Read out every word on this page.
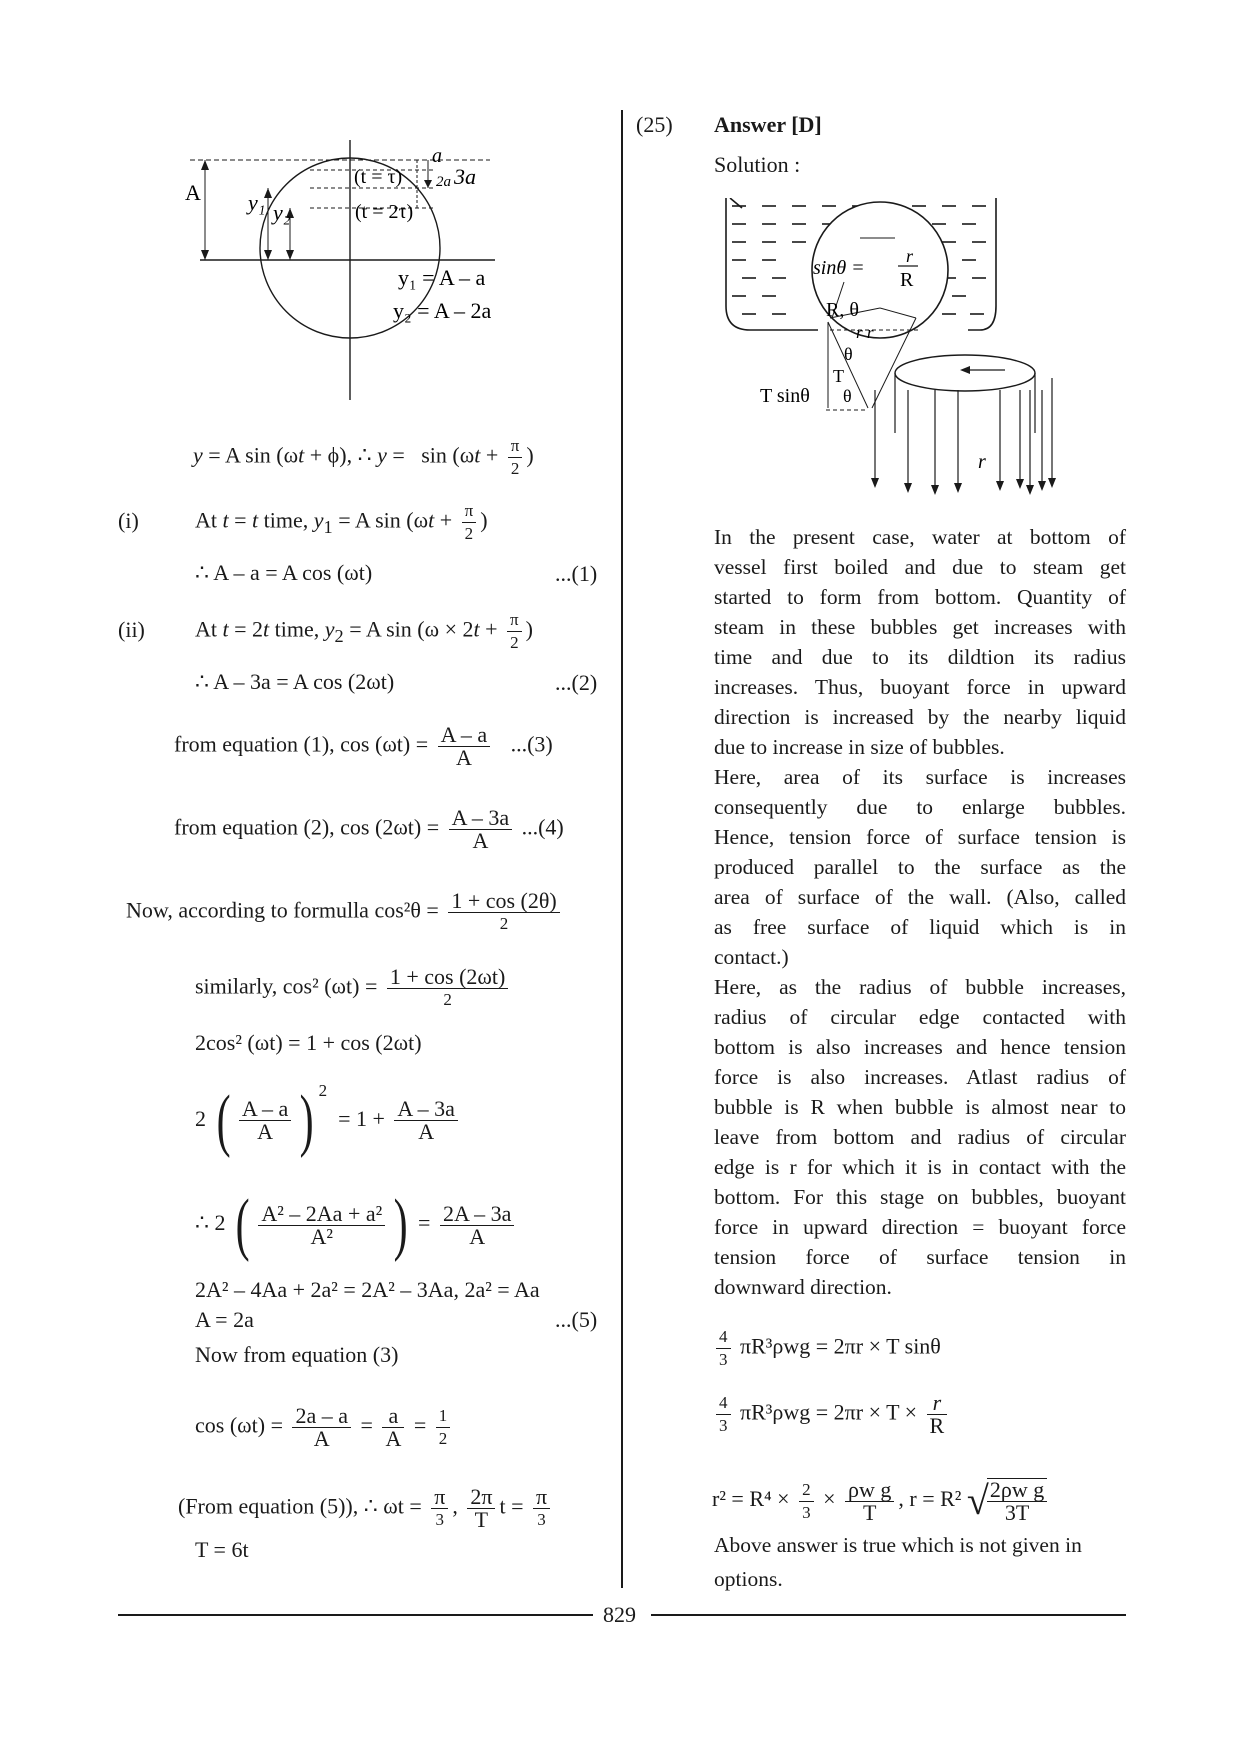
A y₁ y₂
a
3a
2a
(t = τ)
(t = 2τ)
y₁ = A – a
y₂ = A – 2a
y = A sin (ωt + ϕ), ∴ $y = \sin (\omega t + \frac{\pi}{2}$ )
(i)	At t = t time, $y_1 = A$ $\sin (\omega t + \frac{\pi}{2}$ )
∴ A – a = A cos (ωt)	...(1)
(ii) At t = 2t time, $y_2 = A$ $\sin (\omega \times 2t + \frac{\pi}{2}$ )
∴ A – 3a = A cos (2ωt)	...(2)
from equation (1), $\cos (\omega t) = \frac{A - a}{A} ...(3)$
from equation (2), $\cos (2\omega t) = \frac{A - 3a}{A} ...(4)$
Now, according to formulla $\cos^2\theta = \frac{1 + \cos (2\theta)}{2}$
similarly, cos² $(\omega t) = \frac{1 + \cos (2\omega t)}{2}$
2cos² (ωt) = 1 + cos (2ωt)
2 ( $\frac{A - a}{A}$ ) $^2 = 1 + \frac{A - 3a}{A}$
∴ 2 ( $\frac{\text{A² – 2Aa + a²}}{\text{A²}}$ ) = $\frac{2A - 3a}{A}$
2A² – 4Aa + 2a² = 2A² – 3Aa, 2a² = Aa
A = 2a	...(5)
Now from equation (3)
$\cos (\omega t) = \frac{2a - a}{A} = \frac{a}{A} = \frac{1}{2}$
(From equation (5)), ∴ $\omega t = \frac{\pi}{3}$ , $\frac{2\pi}{T}$ $t = \frac{\pi}{3}$
T = 6t
(25) Answer [D]
Solution :
sinθ =
r
R
R, θ
r r
θ
T
T sinθ θ
r
In the present case, water at bottom of
vessel first boiled and due to steam get
started to form from bottom. Quantity of
steam in these bubbles get increases with
time and due to its dildtion its radius
increases. Thus, buoyant force in upward
direction is increased by the nearby liquid
due to increase in size of bubbles.
Here, area of its surface is increases
consequently due to enlarge bubbles.
Hence, tension force of surface tension is
produced parallel to the surface as the
area of surface of the wall. (Also, called
as free surface of liquid which is in
contact.)
Here, as the radius of bubble increases,
radius of circular edge contacted with
bottom is also increases and hence tension
force is also increases. Atlast radius of
bubble is R when bubble is almost near to
leave from bottom and radius of circular
edge is r for which it is in contact with the
bottom. For this stage on bubbles, buoyant
force in upward direction = buoyant force
tension force of surface tension in
downward direction.
$\frac{4}{3} \pi R^3\rho wg = 2\pi r \times T$ sinθ
$\frac{4}{3} \pi R^3\rho wg = 2\pi r \times T \times \frac{r}{R}$
$r^2 = R^4 \times \frac{2}{3} \times \frac{\text{ρw g}}{T}$ , r = R² √
$\frac{\text{2ρw g}}{3T}$
Above answer is true which is not given in
options.
829
